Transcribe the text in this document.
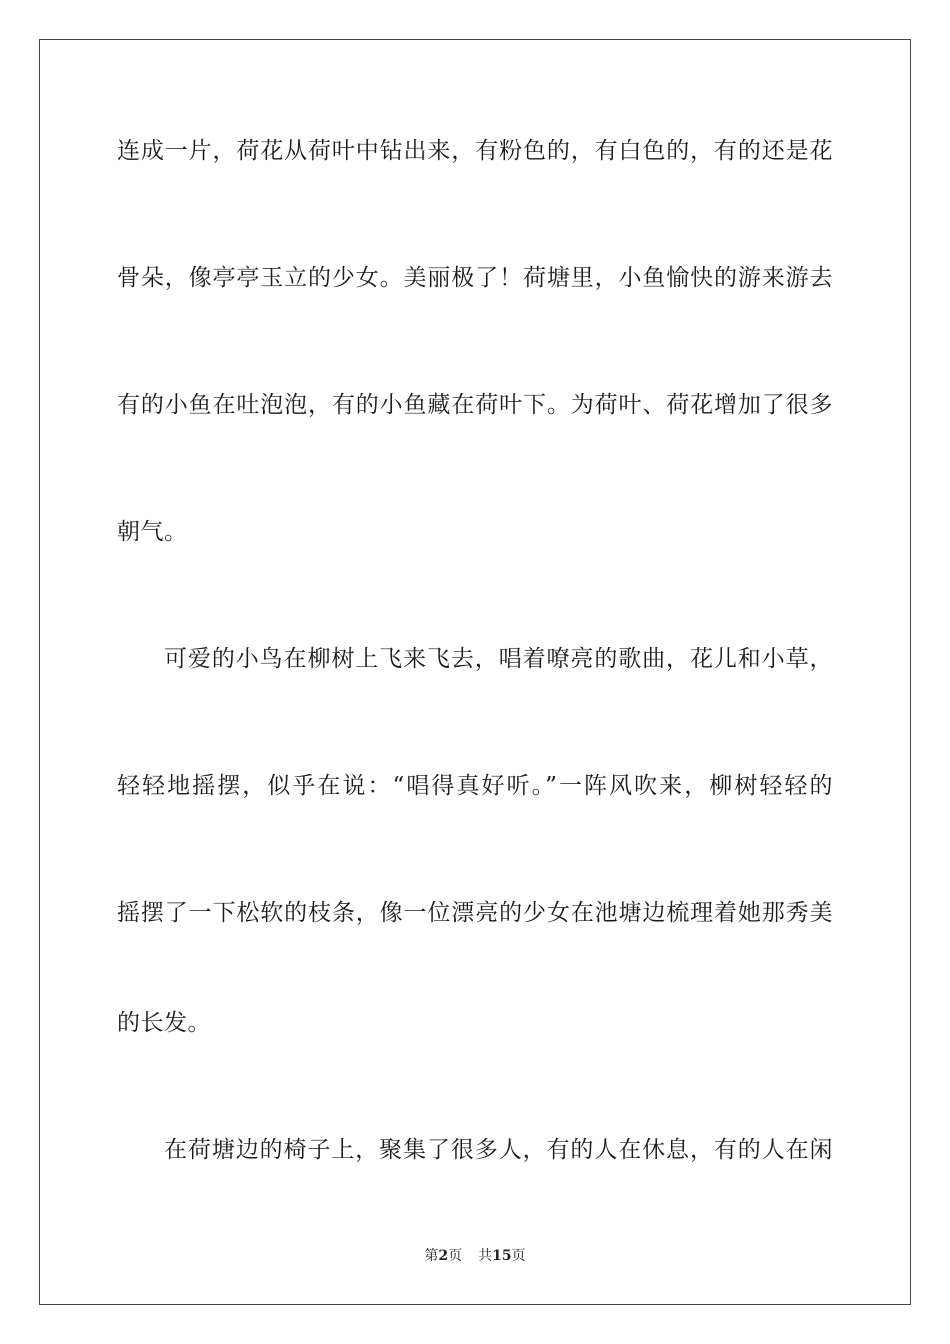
连成一片，荷花从荷叶中钻出来，有粉色的，有白色的，有的还是花
骨朵，像亭亭玉立的少女。美丽极了！荷塘里，小鱼愉快的游来游去
有的小鱼在吐泡泡，有的小鱼藏在荷叶下。为荷叶、荷花增加了很多
朝气。
可爱的小鸟在柳树上飞来飞去，唱着嘹亮的歌曲，花儿和小草，
轻轻地摇摆，似乎在说：“唱得真好听。”一阵风吹来，柳树轻轻的
摇摆了一下松软的枝条，像一位漂亮的少女在池塘边梳理着她那秀美
的长发。
在荷塘边的椅子上，聚集了很多人，有的人在休息，有的人在闲
第2页 共15页
